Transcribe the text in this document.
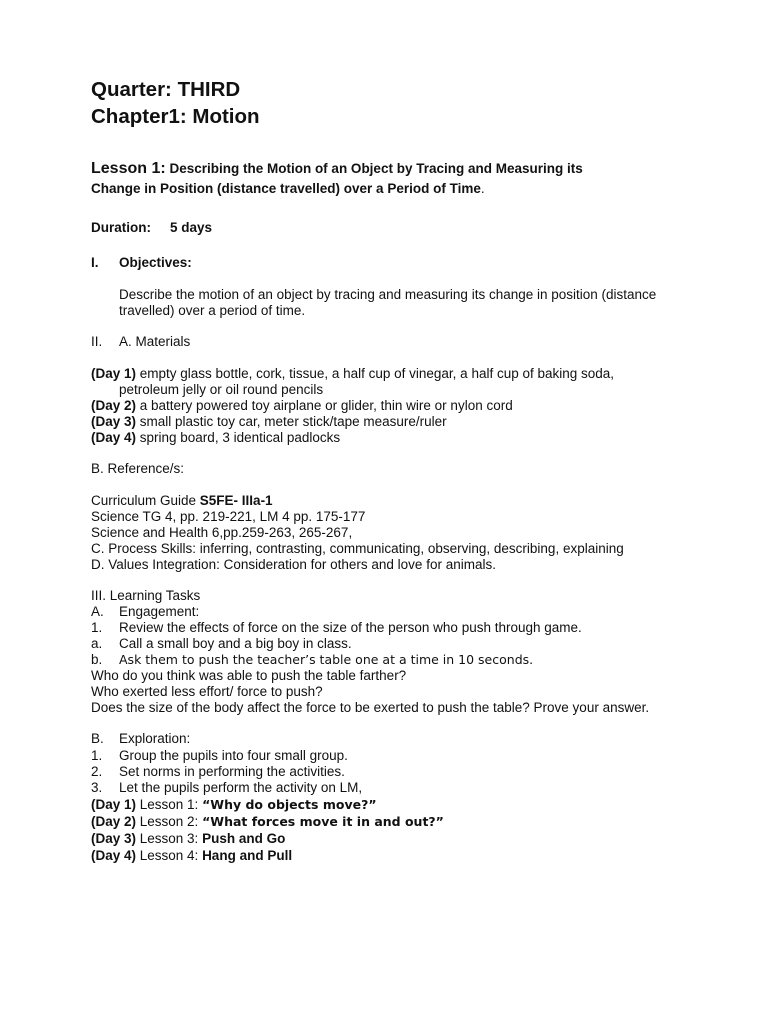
Quarter: THIRD
Chapter1: Motion
Lesson 1: Describing the Motion of an Object by Tracing and Measuring its
Change in Position (distance travelled) over a Period of Time.
Duration: 5 days
I. Objectives:
Describe the motion of an object by tracing and measuring its change in position (distance
travelled) over a period of time.
II. A. Materials
(Day 1) empty glass bottle, cork, tissue, a half cup of vinegar, a half cup of baking soda,
petroleum jelly or oil round pencils
(Day 2) a battery powered toy airplane or glider, thin wire or nylon cord
(Day 3) small plastic toy car, meter stick/tape measure/ruler
(Day 4) spring board, 3 identical padlocks
B. Reference/s:
Curriculum Guide S5FE- IIIa-1
Science TG 4, pp. 219-221, LM 4 pp. 175-177
Science and Health 6,pp.259-263, 265-267,
C. Process Skills: inferring, contrasting, communicating, observing, describing, explaining
D. Values Integration: Consideration for others and love for animals.
III. Learning Tasks
A. Engagement:
1. Review the effects of force on the size of the person who push through game.
a. Call a small boy and a big boy in class.
b. Ask them to push the teacher’s table one at a time in 10 seconds.
Who do you think was able to push the table farther?
Who exerted less effort/ force to push?
Does the size of the body affect the force to be exerted to push the table? Prove your answer.
B. Exploration:
1. Group the pupils into four small group.
2. Set norms in performing the activities.
3. Let the pupils perform the activity on LM,
(Day 1) Lesson 1: “Why do objects move?”
(Day 2) Lesson 2: “What forces move it in and out?”
(Day 3) Lesson 3: Push and Go
(Day 4) Lesson 4: Hang and Pull
